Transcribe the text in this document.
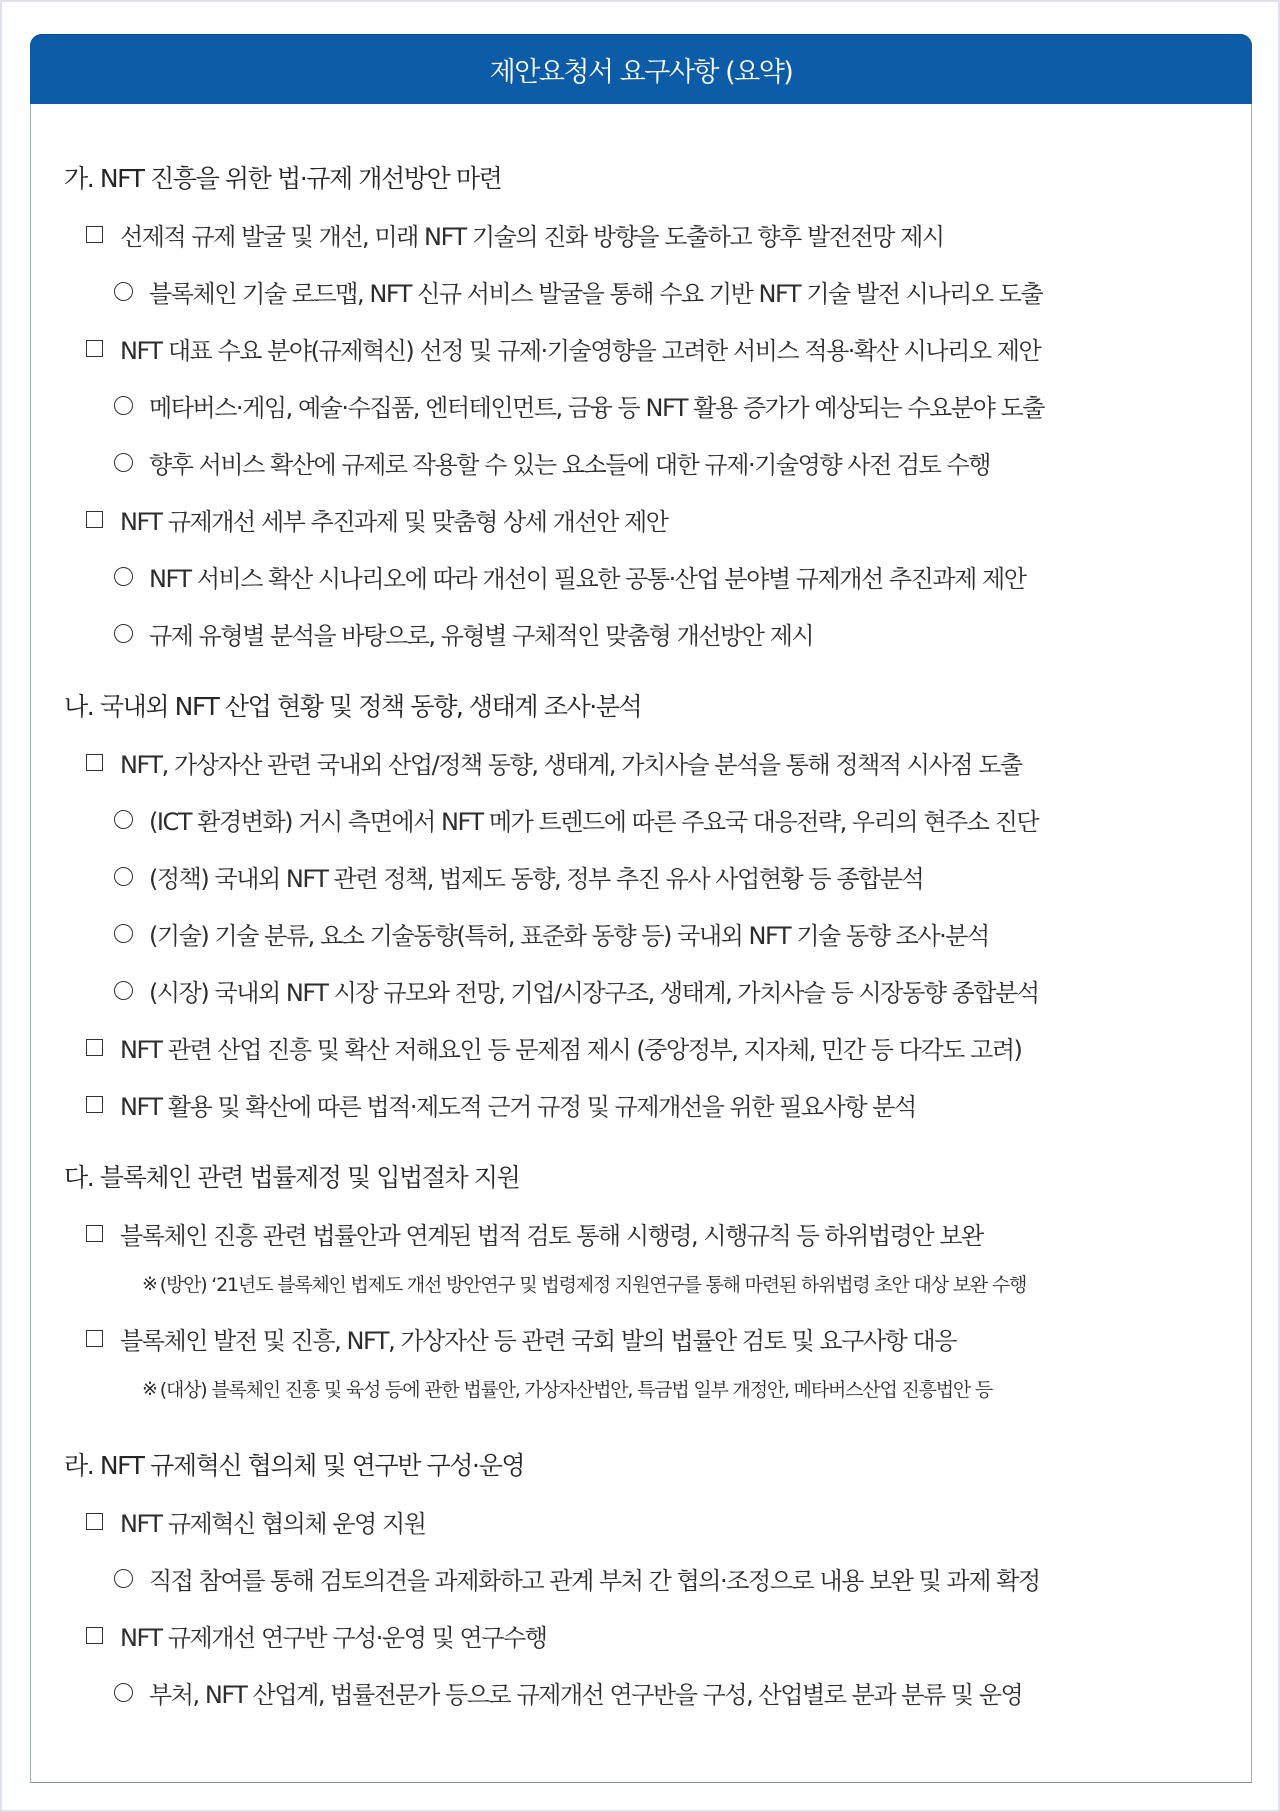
제안요청서 요구사항 (요약)
가. NFT 진흥을 위한 법·규제 개선방안 마련
선제적 규제 발굴 및 개선, 미래 NFT 기술의 진화 방향을 도출하고 향후 발전전망 제시
블록체인 기술 로드맵, NFT 신규 서비스 발굴을 통해 수요 기반 NFT 기술 발전 시나리오 도출
NFT 대표 수요 분야(규제혁신) 선정 및 규제·기술영향을 고려한 서비스 적용·확산 시나리오 제안
메타버스·게임, 예술·수집품, 엔터테인먼트, 금융 등 NFT 활용 증가가 예상되는 수요분야 도출
향후 서비스 확산에 규제로 작용할 수 있는 요소들에 대한 규제·기술영향 사전 검토 수행
NFT 규제개선 세부 추진과제 및 맞춤형 상세 개선안 제안
NFT 서비스 확산 시나리오에 따라 개선이 필요한 공통·산업 분야별 규제개선 추진과제 제안
규제 유형별 분석을 바탕으로, 유형별 구체적인 맞춤형 개선방안 제시
나. 국내외 NFT 산업 현황 및 정책 동향, 생태계 조사·분석
NFT, 가상자산 관련 국내외 산업/정책 동향, 생태계, 가치사슬 분석을 통해 정책적 시사점 도출
(ICT 환경변화) 거시 측면에서 NFT 메가 트렌드에 따른 주요국 대응전략, 우리의 현주소 진단
(정책) 국내외 NFT 관련 정책, 법제도 동향, 정부 추진 유사 사업현황 등 종합분석
(기술) 기술 분류, 요소 기술동향(특허, 표준화 동향 등) 국내외 NFT 기술 동향 조사·분석
(시장) 국내외 NFT 시장 규모와 전망, 기업/시장구조, 생태계, 가치사슬 등 시장동향 종합분석
NFT 관련 산업 진흥 및 확산 저해요인 등 문제점 제시 (중앙정부, 지자체, 민간 등 다각도 고려)
NFT 활용 및 확산에 따른 법적·제도적 근거 규정 및 규제개선을 위한 필요사항 분석
다. 블록체인 관련 법률제정 및 입법절차 지원
블록체인 진흥 관련 법률안과 연계된 법적 검토 통해 시행령, 시행규칙 등 하위법령안 보완
※ (방안) ‘21년도 블록체인 법제도 개선 방안연구 및 법령제정 지원연구를 통해 마련된 하위법령 초안 대상 보완 수행
블록체인 발전 및 진흥, NFT, 가상자산 등 관련 국회 발의 법률안 검토 및 요구사항 대응
※ (대상) 블록체인 진흥 및 육성 등에 관한 법률안, 가상자산법안, 특금법 일부 개정안, 메타버스산업 진흥법안 등
라. NFT 규제혁신 협의체 및 연구반 구성·운영
NFT 규제혁신 협의체 운영 지원
직접 참여를 통해 검토의견을 과제화하고 관계 부처 간 협의·조정으로 내용 보완 및 과제 확정
NFT 규제개선 연구반 구성·운영 및 연구수행
부처, NFT 산업계, 법률전문가 등으로 규제개선 연구반을 구성, 산업별로 분과 분류 및 운영
